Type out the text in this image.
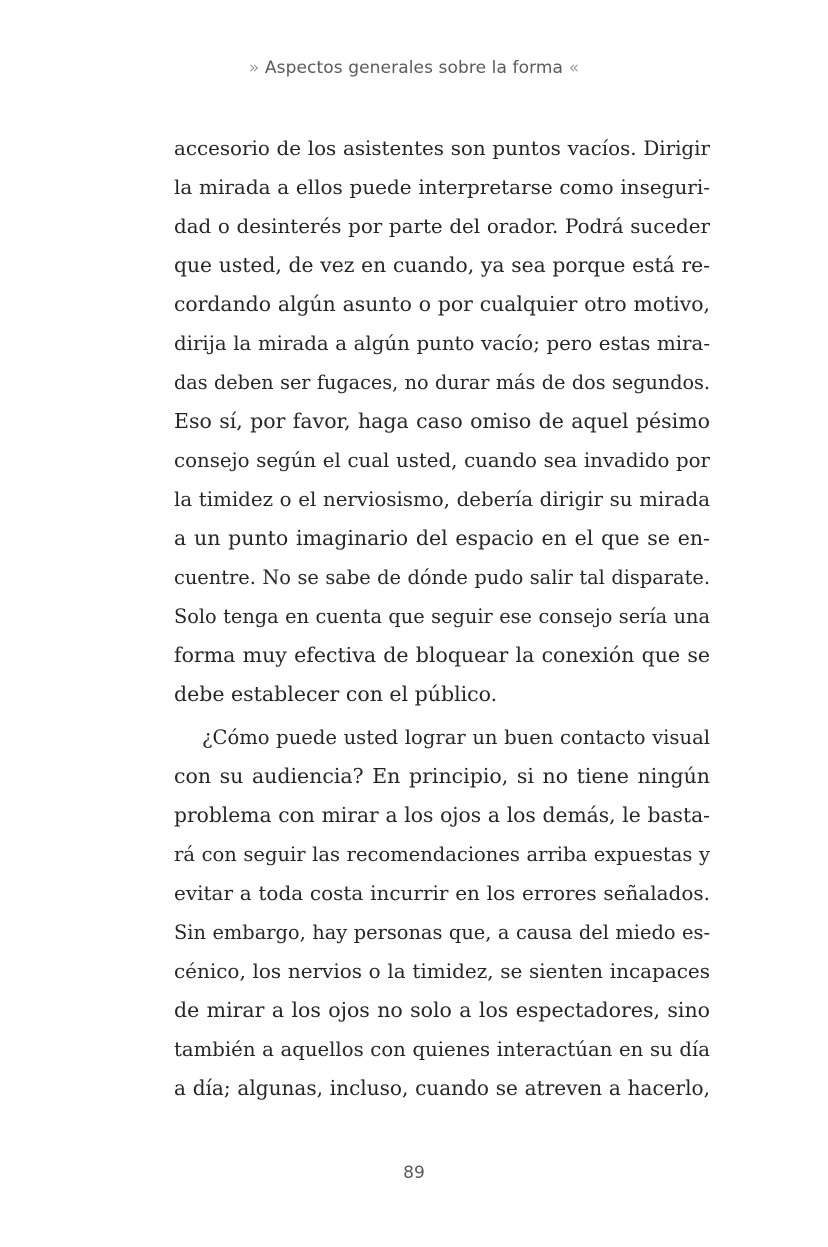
» Aspectos generales sobre la forma «
accesorio de los asistentes son puntos vacíos. Dirigir
la mirada a ellos puede interpretarse como inseguri-
dad o desinterés por parte del orador. Podrá suceder
que usted, de vez en cuando, ya sea porque está re-
cordando algún asunto o por cualquier otro motivo,
dirija la mirada a algún punto vacío; pero estas mira-
das deben ser fugaces, no durar más de dos segundos.
Eso sí, por favor, haga caso omiso de aquel pésimo
consejo según el cual usted, cuando sea invadido por
la timidez o el nerviosismo, debería dirigir su mirada
a un punto imaginario del espacio en el que se en-
cuentre. No se sabe de dónde pudo salir tal disparate.
Solo tenga en cuenta que seguir ese consejo sería una
forma muy efectiva de bloquear la conexión que se
debe establecer con el público.
¿Cómo puede usted lograr un buen contacto visual
con su audiencia? En principio, si no tiene ningún
problema con mirar a los ojos a los demás, le basta-
rá con seguir las recomendaciones arriba expuestas y
evitar a toda costa incurrir en los errores señalados.
Sin embargo, hay personas que, a causa del miedo es-
cénico, los nervios o la timidez, se sienten incapaces
de mirar a los ojos no solo a los espectadores, sino
también a aquellos con quienes interactúan en su día
a día; algunas, incluso, cuando se atreven a hacerlo,
89
